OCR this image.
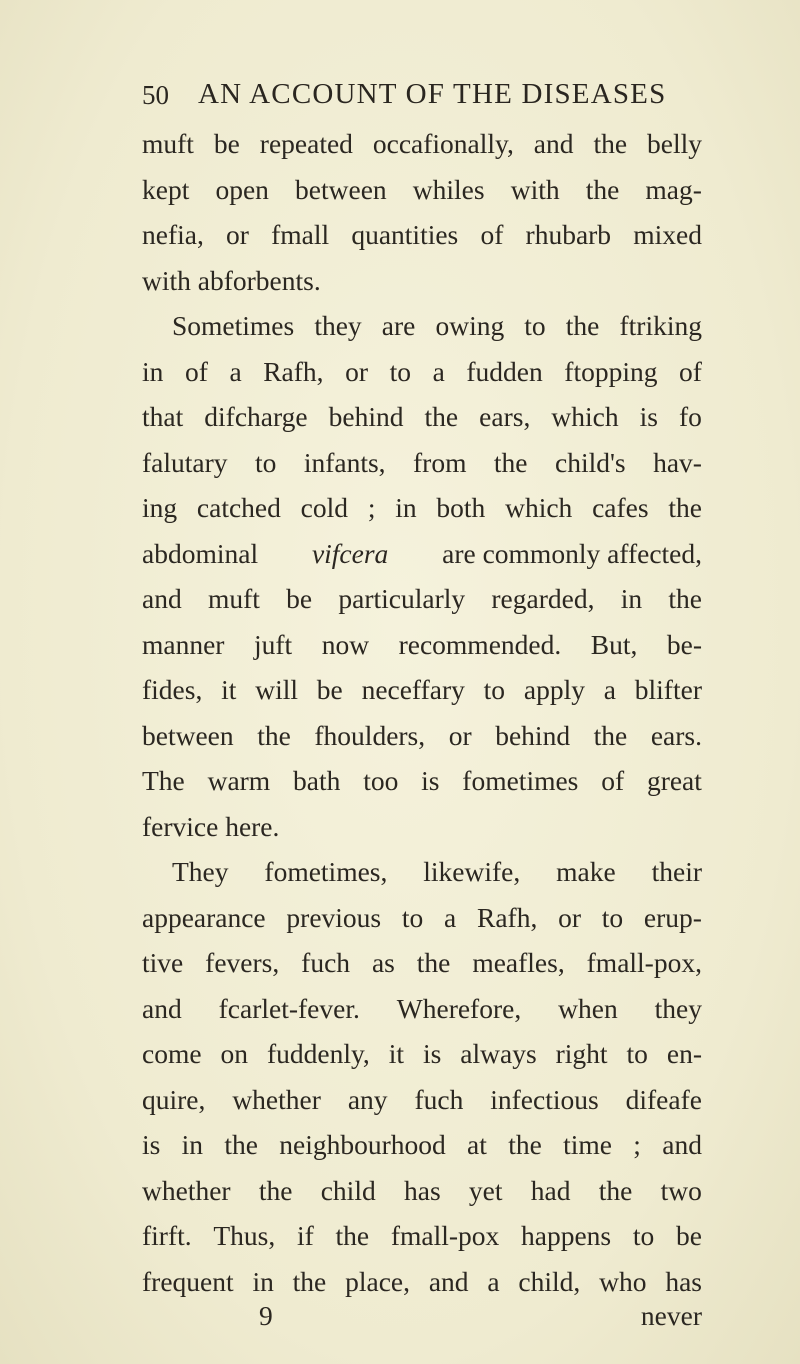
50 AN ACCOUNT OF THE DISEASES
muft be repeated occafionally, and the belly
kept open between whiles with the mag-
nefia, or fmall quantities of rhubarb mixed
with abforbents.
Sometimes they are owing to the ftriking
in of a Rafh, or to a fudden ftopping of
that difcharge behind the ears, which is fo
falutary to infants, from the child's hav-
ing catched cold ; in both which cafes the
abdominal vifcera are commonly affected,
and muft be particularly regarded, in the
manner juft now recommended. But, be-
fides, it will be neceffary to apply a blifter
between the fhoulders, or behind the ears.
The warm bath too is fometimes of great
fervice here.
They fometimes, likewife, make their
appearance previous to a Rafh, or to erup-
tive fevers, fuch as the meafles, fmall-pox,
and fcarlet-fever. Wherefore, when they
come on fuddenly, it is always right to en-
quire, whether any fuch infectious difeafe
is in the neighbourhood at the time ; and
whether the child has yet had the two
firft. Thus, if the fmall-pox happens to be
frequent in the place, and a child, who has
9	never
